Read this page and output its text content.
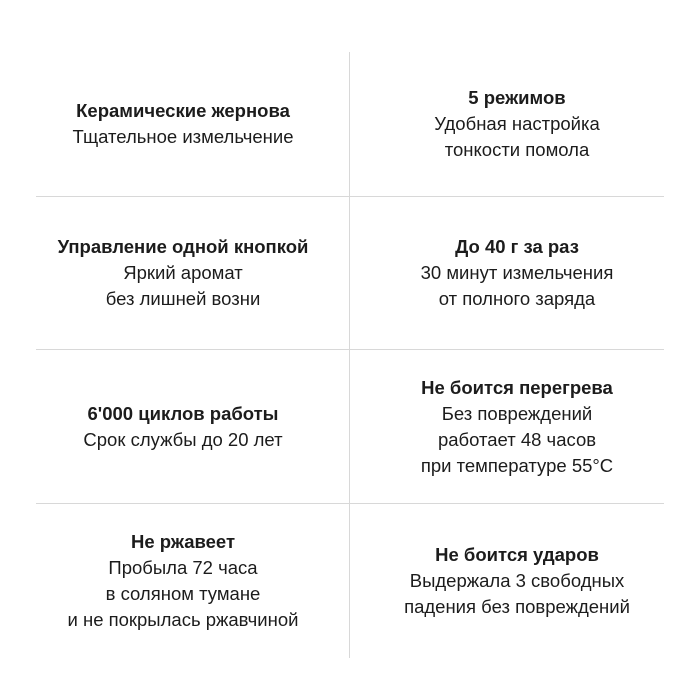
Керамические жернова
Тщательное измельчение
5 режимов
Удобная настройка
тонкости помола
Управление одной кнопкой
Яркий аромат
без лишней возни
До 40 г за раз
30 минут измельчения
от полного заряда
6'000 циклов работы
Срок службы до 20 лет
Не боится перегрева
Без повреждений
работает 48 часов
при температуре 55°C
Не ржавеет
Пробыла 72 часа
в соляном тумане
и не покрылась ржавчиной
Не боится ударов
Выдержала 3 свободных
падения без повреждений
